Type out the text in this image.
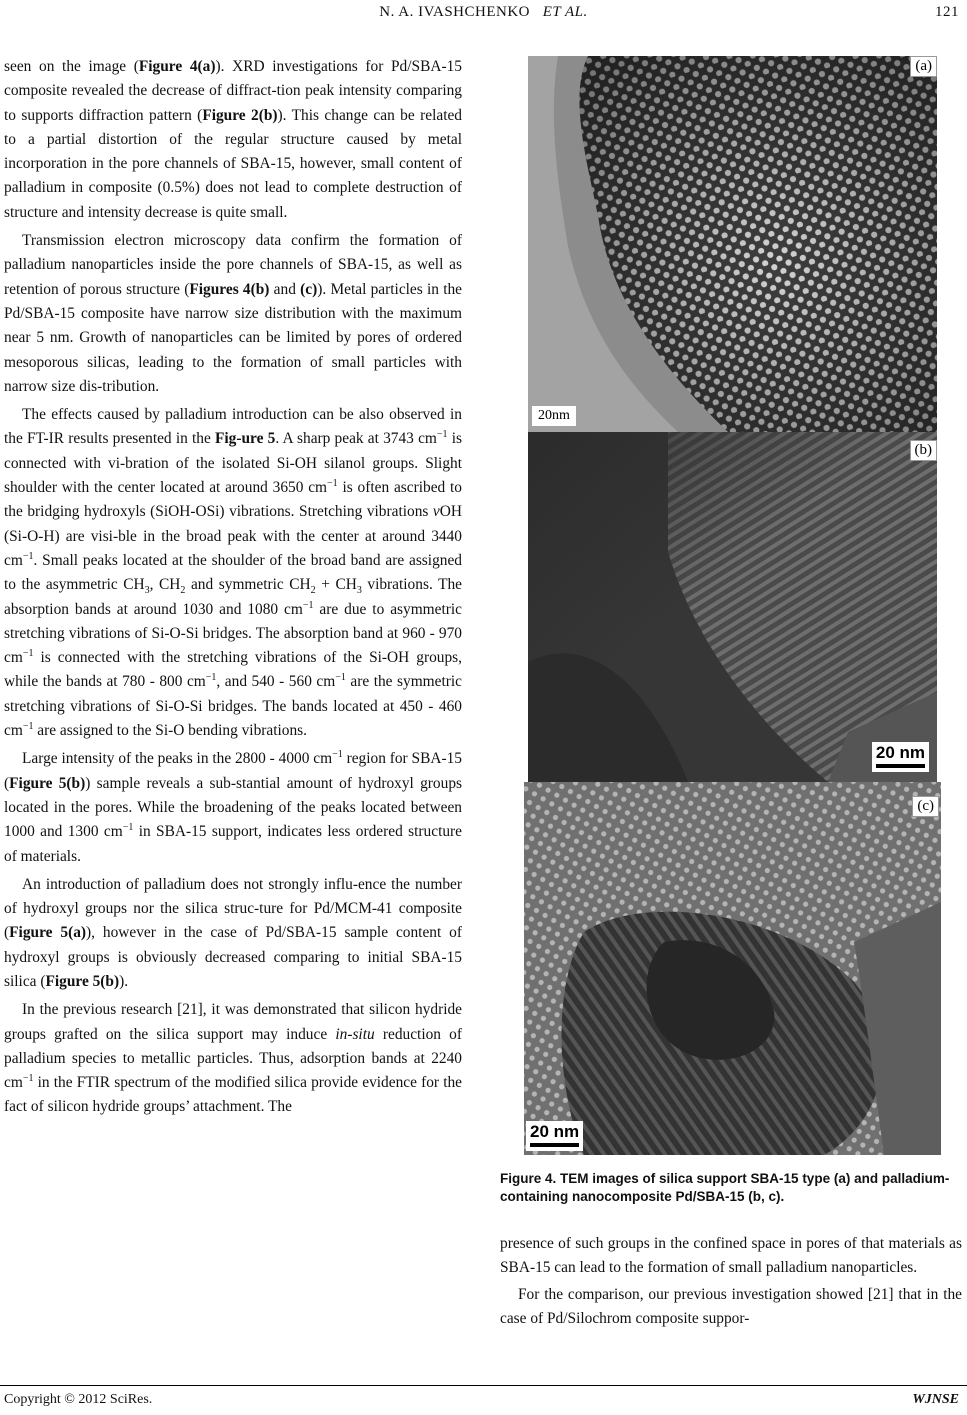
N. A. IVASHCHENKO ET AL.	121

seen on the image (Figure 4(a)). XRD investigations for Pd/SBA-15 composite revealed the decrease of diffract-tion peak intensity comparing to supports diffraction pattern (Figure 2(b)). This change can be related to a partial distortion of the regular structure caused by metal incorporation in the pore channels of SBA-15, however, small content of palladium in composite (0.5%) does not lead to complete destruction of structure and intensity decrease is quite small.

Transmission electron microscopy data confirm the formation of palladium nanoparticles inside the pore channels of SBA-15, as well as retention of porous structure (Figures 4(b) and (c)). Metal particles in the Pd/SBA-15 composite have narrow size distribution with the maximum near 5 nm. Growth of nanoparticles can be limited by pores of ordered mesoporous silicas, leading to the formation of small particles with narrow size dis-tribution.

The effects caused by palladium introduction can be also observed in the FT-IR results presented in the Fig-ure 5. A sharp peak at 3743 $cm^{-1}$ is connected with vi-bration of the isolated Si-OH silanol groups. Slight shoulder with the center located at around 3650 $cm^{-1}$ is often ascribed to the bridging hydroxyls (SiOH-OSi) vibrations. Stretching vibrations vOH (Si-O-H) are visi-ble in the broad peak with the center at around 3440 $cm^{-1}$. Small peaks located at the shoulder of the broad band are assigned to the asymmetric $CH_3$, $CH_2$ and symmetric $CH_2 + CH_3$ vibrations. The absorption bands at around 1030 and 1080 $cm^{-1}$ are due to asymmetric stretching vibrations of Si-O-Si bridges. The absorption band at 960 - 970 $cm^{-1}$ is connected with the stretching vibrations of the Si-OH groups, while the bands at 780 - 800 $cm^{-1}$, and 540 - 560 $cm^{-1}$ are the symmetric stretching vibrations of Si-O-Si bridges. The bands located at 450 - 460 $cm^{-1}$ are assigned to the Si-O bending vibrations.

Large intensity of the peaks in the 2800 - 4000 $cm^{-1}$ region for SBA-15 (Figure 5(b)) sample reveals a sub-stantial amount of hydroxyl groups located in the pores. While the broadening of the peaks located between 1000 and 1300 $cm^{-1}$ in SBA-15 support, indicates less ordered structure of materials.

An introduction of palladium does not strongly influ-ence the number of hydroxyl groups nor the silica struc-ture for Pd/MCM-41 composite (Figure 5(a)), however in the case of Pd/SBA-15 sample content of hydroxyl groups is obviously decreased comparing to initial SBA-15 silica (Figure 5(b)).

In the previous research [21], it was demonstrated that silicon hydride groups grafted on the silica support may induce in-situ reduction of palladium species to metallic particles. Thus, adsorption bands at 2240 $cm^{-1}$ in the FTIR spectrum of the modified silica provide evidence for the fact of silicon hydride groups’ attachment. The

(a)
20nm
(b)
20 nm
(c)
20 nm
Figure 4. TEM images of silica support SBA-15 type (a) and palladium-containing nanocomposite Pd/SBA-15 (b, c).

presence of such groups in the confined space in pores of that materials as SBA-15 can lead to the formation of small palladium nanoparticles.

For the comparison, our previous investigation showed [21] that in the case of Pd/Silochrom composite suppor-

Copyright © 2012 SciRes.	WJNSE
